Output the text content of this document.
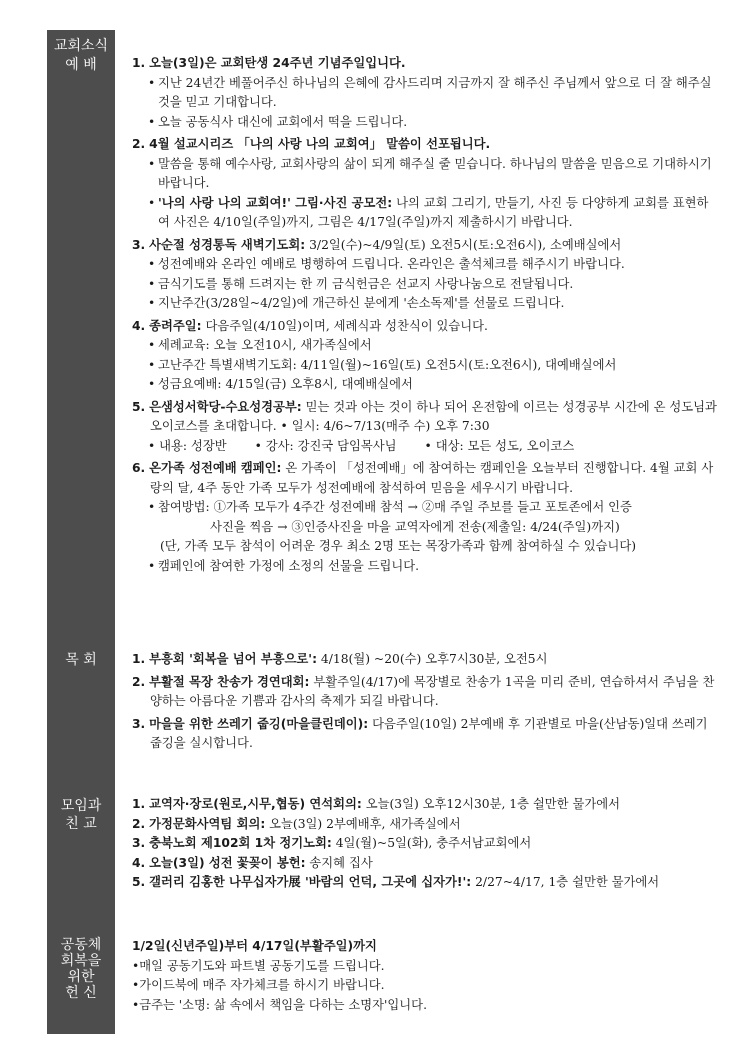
교회소식
예 배
목 회
모임과
친 교
공동체
회복을
위한
헌 신
1. 오늘(3일)은 교회탄생 24주년 기념주일입니다.
• 지난 24년간 베풀어주신 하나님의 은혜에 감사드리며 지금까지 잘 해주신 주님께서 앞으로 더 잘 해주실 것을 믿고 기대합니다.
• 오늘 공동식사 대신에 교회에서 떡을 드립니다.
2. 4월 설교시리즈 「나의 사랑 나의 교회여」 말씀이 선포됩니다.
• 말씀을 통해 예수사랑, 교회사랑의 삶이 되게 해주실 줄 믿습니다. 하나님의 말씀을 믿음으로 기대하시기 바랍니다.
• '나의 사랑 나의 교회여!' 그림·사진 공모전: 나의 교회 그리기, 만들기, 사진 등 다양하게 교회를 표현하여 사진은 4/10일(주일)까지, 그림은 4/17일(주일)까지 제출하시기 바랍니다.
3. 사순절 성경통독 새벽기도회: 3/2일(수)~4/9일(토) 오전5시(토:오전6시), 소예배실에서
• 성전예배와 온라인 예배로 병행하여 드립니다. 온라인은 출석체크를 해주시기 바랍니다.
• 금식기도를 통해 드려지는 한 끼 금식헌금은 선교지 사랑나눔으로 전달됩니다.
• 지난주간(3/28일~4/2일)에 개근하신 분에게 '손소독제'를 선물로 드립니다.
4. 종려주일: 다음주일(4/10일)이며, 세례식과 성찬식이 있습니다.
• 세례교육: 오늘 오전10시, 새가족실에서
• 고난주간 특별새벽기도회: 4/11일(월)~16일(토) 오전5시(토:오전6시), 대예배실에서
• 성금요예배: 4/15일(금) 오후8시, 대예배실에서
5. 은샘성서학당-수요성경공부: 믿는 것과 아는 것이 하나 되어 온전함에 이르는 성경공부 시간에 온 성도님과 오이코스를 초대합니다. • 일시: 4/6~7/13(매주 수) 오후 7:30
• 내용: 성장반 • 강사: 강진국 담임목사님 • 대상: 모든 성도, 오이코스
6. 온가족 성전예배 캠페인: 온 가족이 「성전예배」에 참여하는 캠페인을 오늘부터 진행합니다. 4월 교회 사랑의 달, 4주 동안 가족 모두가 성전예배에 참석하여 믿음을 세우시기 바랍니다.
• 참여방법: ①가족 모두가 4주간 성전예배 참석 → ②매 주일 주보를 들고 포토존에서 인증
사진을 찍음 → ③인증사진을 마을 교역자에게 전송(제출일: 4/24(주일)까지)
(단, 가족 모두 참석이 어려운 경우 최소 2명 또는 목장가족과 함께 참여하실 수 있습니다)
• 캠페인에 참여한 가정에 소정의 선물을 드립니다.
1. 부흥회 '회복을 넘어 부흥으로': 4/18(월) ~20(수) 오후7시30분, 오전5시
2. 부활절 목장 찬송가 경연대회: 부활주일(4/17)에 목장별로 찬송가 1곡을 미리 준비, 연습하셔서 주님을 찬양하는 아름다운 기쁨과 감사의 축제가 되길 바랍니다.
3. 마을을 위한 쓰레기 줍깅(마을클린데이): 다음주일(10일) 2부예배 후 기관별로 마을(산남동)일대 쓰레기 줍깅을 실시합니다.
1. 교역자·장로(원로,시무,협동) 연석회의: 오늘(3일) 오후12시30분, 1층 쉴만한 물가에서
2. 가정문화사역팀 회의: 오늘(3일) 2부예배후, 새가족실에서
3. 충북노회 제102회 1차 정기노회: 4일(월)~5일(화), 충주서남교회에서
4. 오늘(3일) 성전 꽃꽂이 봉헌: 송지혜 집사
5. 갤러리 김홍한 나무십자가展 '바람의 언덕, 그곳에 십자가!': 2/27~4/17, 1층 쉴만한 물가에서
1/2일(신년주일)부터 4/17일(부활주일)까지
•매일 공동기도와 파트별 공동기도를 드립니다.
•가이드북에 매주 자가체크를 하시기 바랍니다.
•금주는 '소명: 삶 속에서 책임을 다하는 소명자'입니다.
